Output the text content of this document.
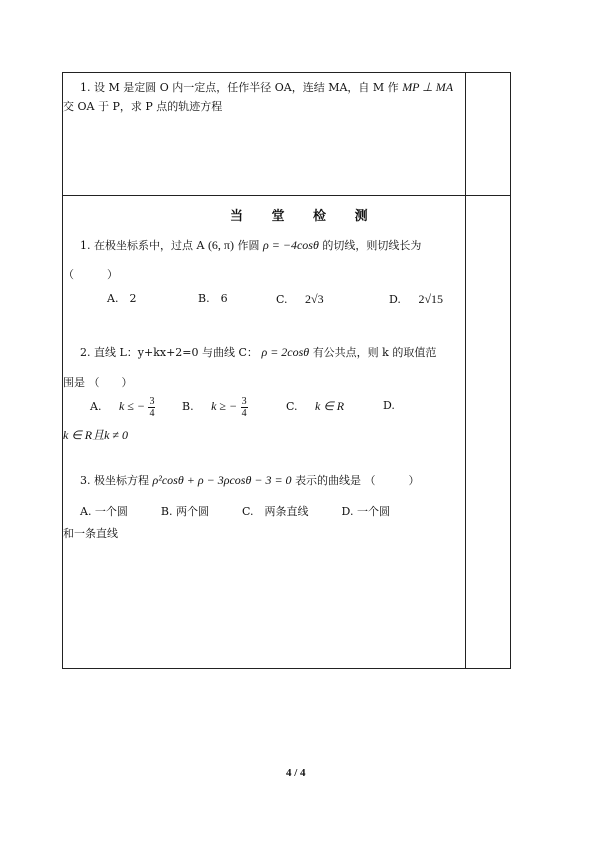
1. 设 M 是定圆 O 内一定点，任作半径 OA，连结 MA，自 M 作 MP ⊥ MA
交 OA 于 P，求 P 点的轨迹方程
当 堂 检 测
1. 在极坐标系中，过点 A (6, π) 作圆 ρ = −4cosθ 的切线，则切线长为
（　　　）
A.　2	B.　6	C. 2√3	D. 2√15
2. 直线 L：y+kx+2=0 与曲线 C： ρ = 2cosθ 有公共点，则 k 的取值范
围是 （　　）
A. k ≤ − $\frac{3}{4} B$. k ≥ − $\frac{3}{4}$	C. k ∈ R	D.
k ∈ R且k ≠ 0
3. 极坐标方程 ρ²cosθ + ρ − 3ρcosθ − 3 = 0 表示的曲线是 （　　　）
A. 一个圆　　　B. 两个圆　　　C.　两条直线　　　D. 一个圆
和一条直线
4 / 4
